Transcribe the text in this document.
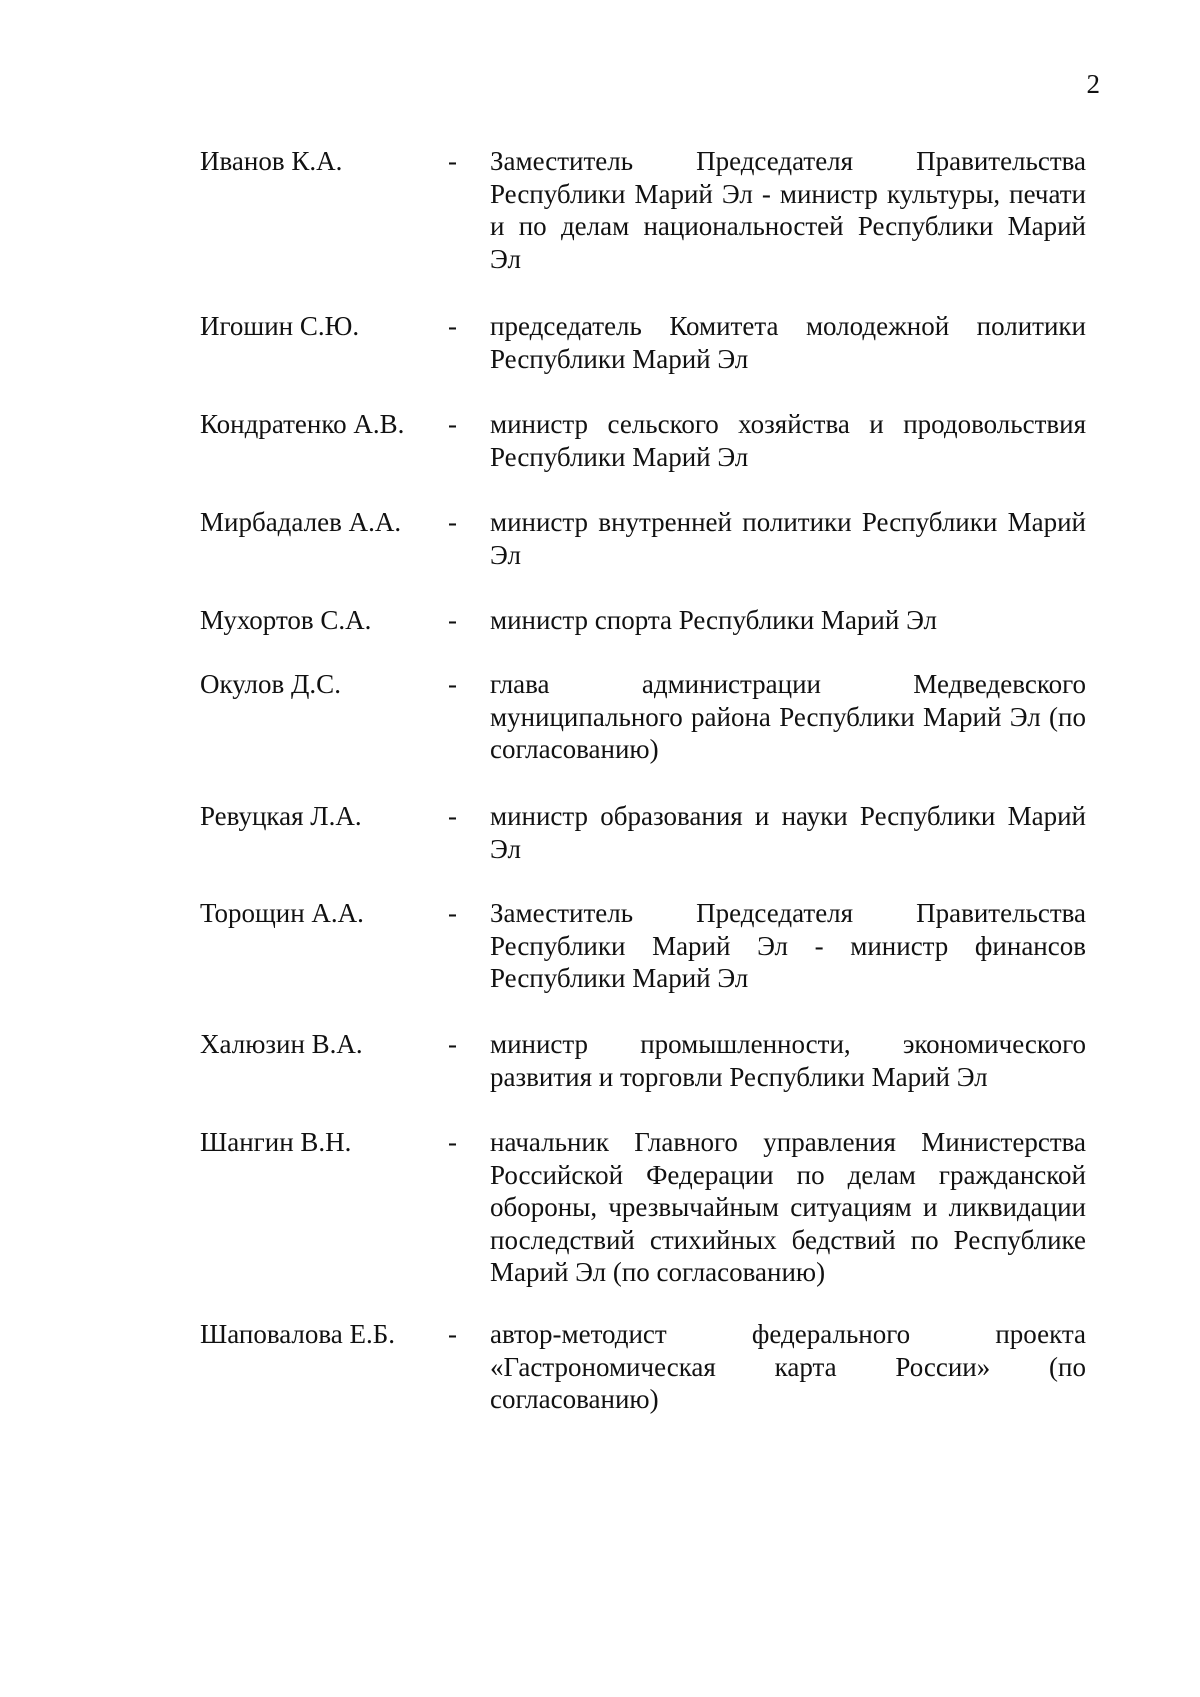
2
Иванов К.А.	- Заместитель Председателя Правительства Республики Марий Эл - министр культуры, печати и по делам национальностей Республики Марий Эл
Игошин С.Ю.	- председатель Комитета молодежной политики Республики Марий Эл
Кондратенко А.В. - министр сельского хозяйства и продовольствия Республики Марий Эл
Мирбадалев А.А. - министр внутренней политики Республики Марий Эл
Мухортов С.А.	- министр спорта Республики Марий Эл
Окулов Д.С.	- глава администрации Медведевского муниципального района Республики Марий Эл (по согласованию)
Ревуцкая Л.А.	- министр образования и науки Республики Марий Эл
Торощин А.А.	- Заместитель Председателя Правительства Республики Марий Эл - министр финансов Республики Марий Эл
Халюзин В.А.	- министр промышленности, экономического развития и торговли Республики Марий Эл
Шангин В.Н.	- начальник Главного управления Министерства Российской Федерации по делам гражданской обороны, чрезвычайным ситуациям и ликвидации последствий стихийных бедствий по Республике Марий Эл (по согласованию)
Шаповалова Е.Б. - автор-методист федерального проекта «Гастрономическая карта России» (по согласованию)
